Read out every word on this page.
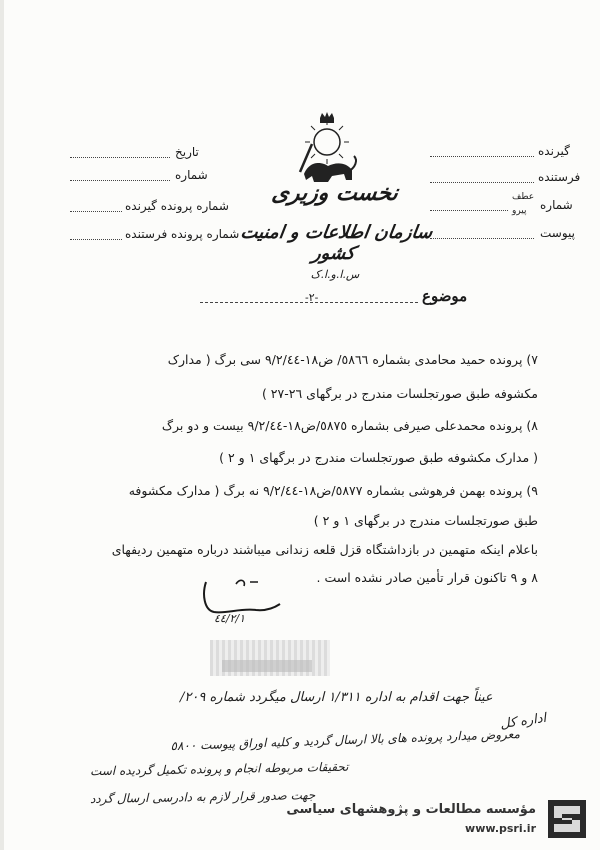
تاریخ
شماره
شماره پرونده گیرنده
شماره پرونده فرستنده
نخست وزیری
سازمان اطلاعات و امنیت کشور
س.ا.و.ا.ک
گیرنده
فرستنده
شماره
عطف
پیرو
پیوست
موضوع
-٢-
٧) پرونده حمید محامدی بشماره ٥٨٦٦/ ض١٨-٩/٢/٤٤ سی برگ ( مدارک
مکشوفه طبق صورتجلسات مندرج در برگهای ٢٦-٢٧ )
٨) پرونده محمدعلی صیرفی بشماره ٥٨٧٥/ض١٨-٩/٢/٤٤ بیست و دو برگ
( مدارک مکشوفه طبق صورتجلسات مندرج در برگهای ١ و ٢ )
٩) پرونده بهمن فرهوشی بشماره ٥٨٧٧/ض١٨-٩/٢/٤٤ نه برگ ( مدارک مکشوفه
طبق صورتجلسات مندرج در برگهای ١ و ٢ )
باعلام اینکه متهمین در بازداشتگاه قزل قلعه زندانی میباشند درباره متهمین ردیفهای
٨ و ٩ تاکنون قرار تأمین صادر نشده است .
٤٤/٢/١
عیناً جهت اقدام به اداره ١/٣١١ ارسال میگردد شماره ٢٠٩/
اداره کل
معروض میدارد پرونده های بالا ارسال گردید و کلیه اوراق پیوست ٥٨٠٠
تحقیقات مربوطه انجام و پرونده تکمیل گردیده است
جهت صدور قرار لازم به دادرسی ارسال گردد
مؤسسه مطالعات و پژوهشهای سیاسی
www.psri.ir
